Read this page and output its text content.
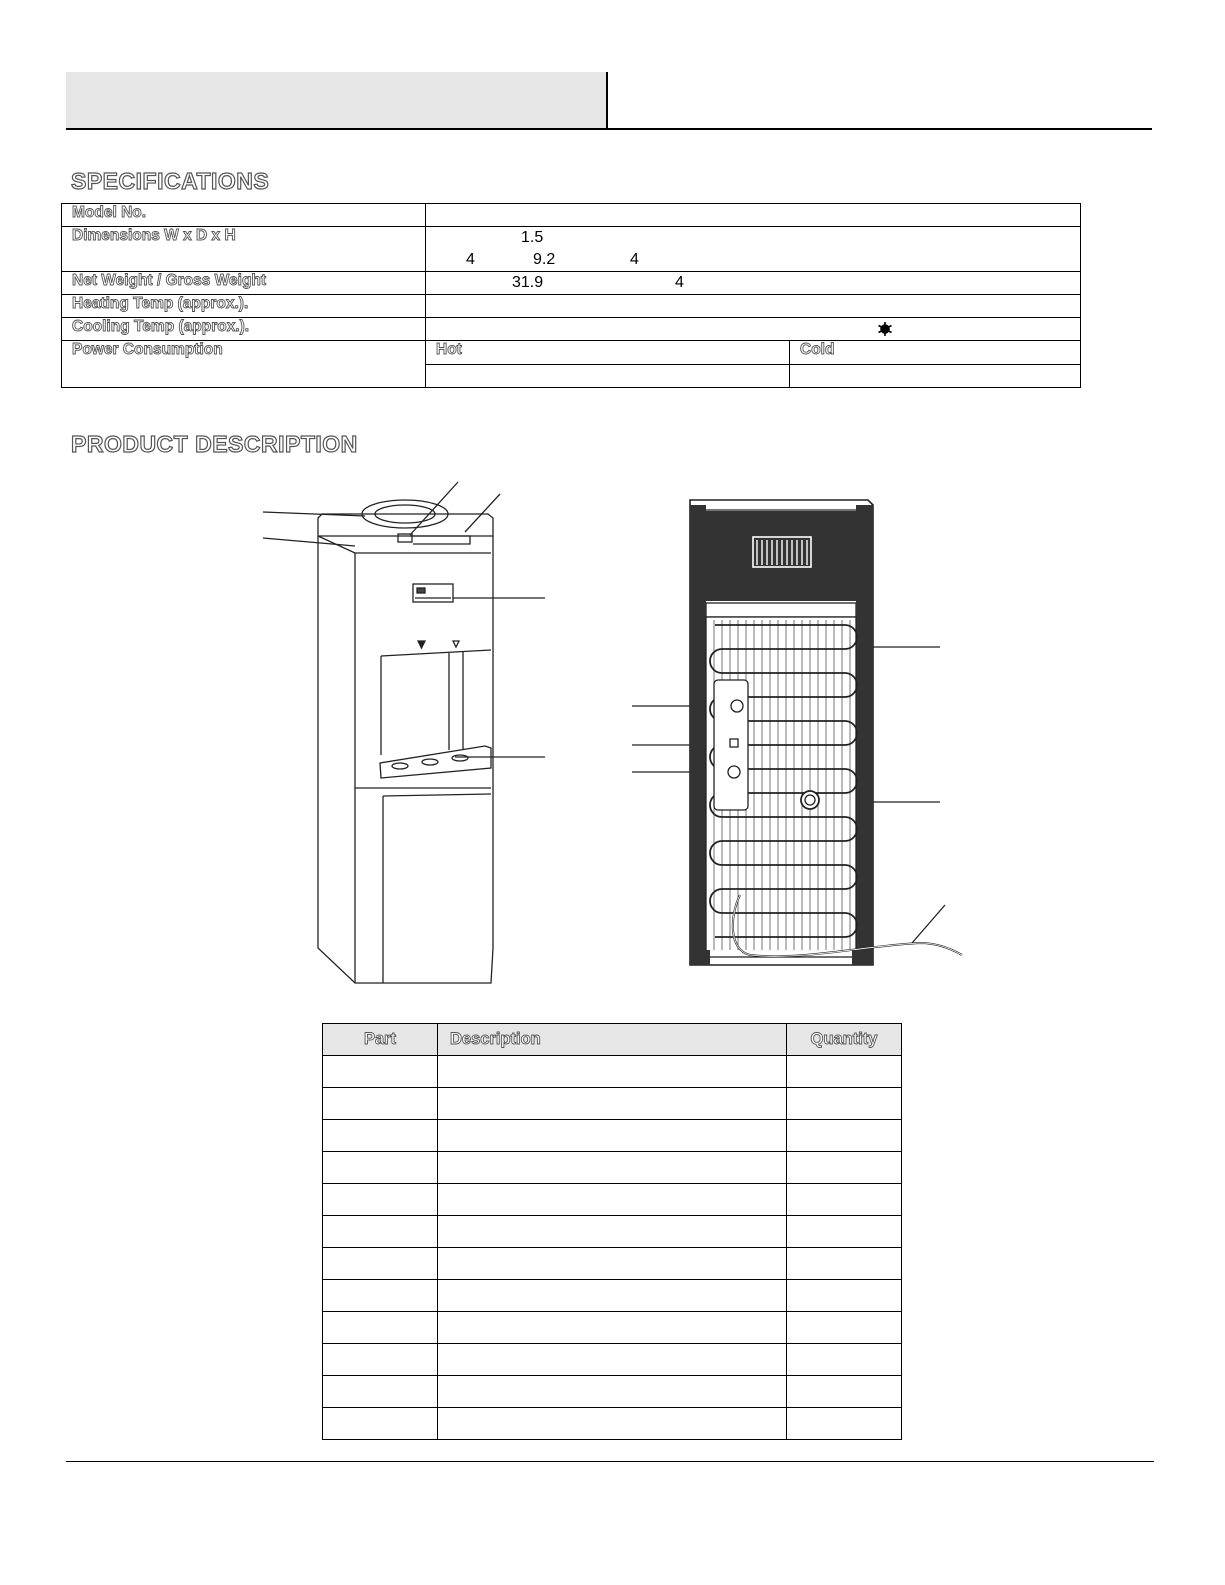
SPECIFICATIONS
Model No.		
Dimensions W x D x H	1.5
4 9.2 4	

Net Weight / Gross Weight	31.9 4	

Heating Temp (approx.).		
Cooling Temp (approx.).	

Power Consumption	Hot	Cold

PRODUCT DESCRIPTION
Part	Description	Quantity
